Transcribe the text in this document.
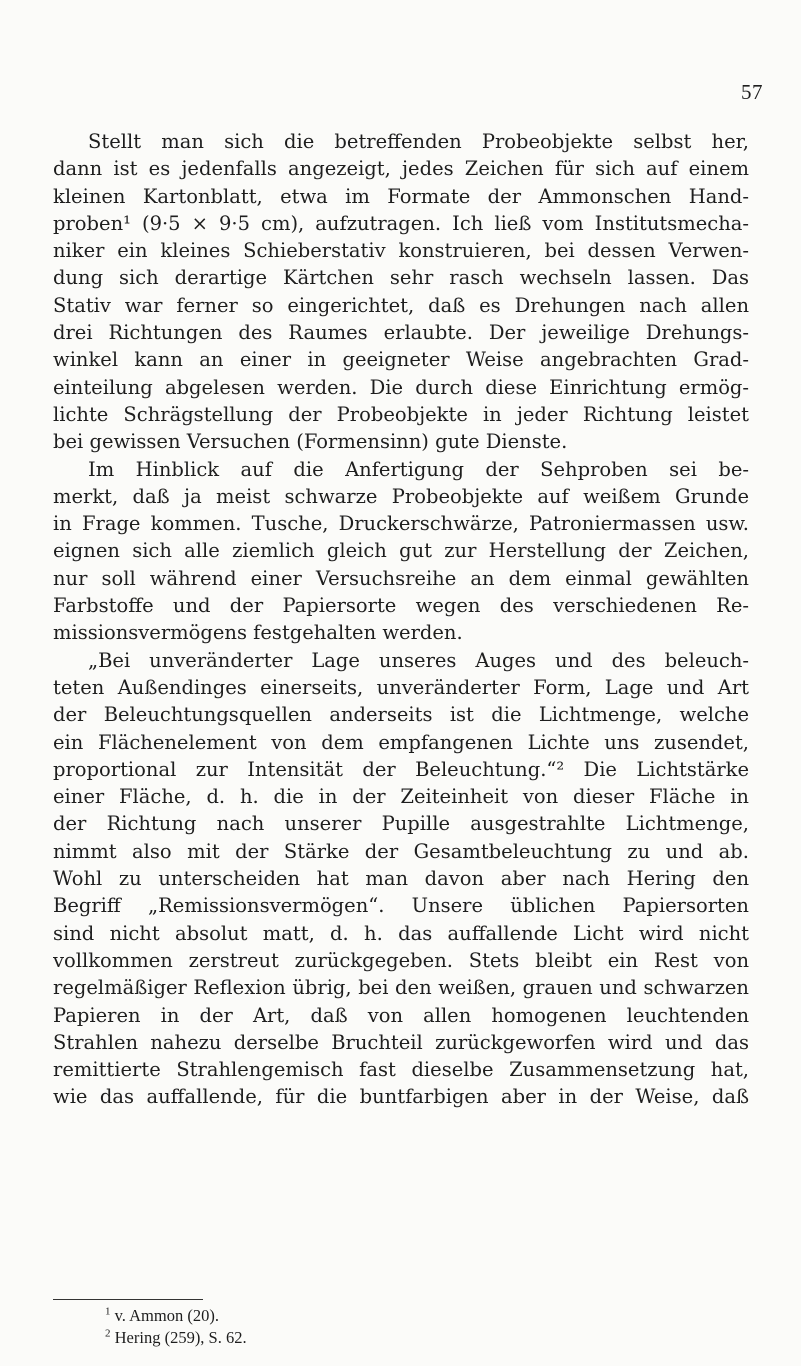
57
Stellt man sich die betreffenden Probeobjekte selbst her,
dann ist es jedenfalls angezeigt, jedes Zeichen für sich auf einem
kleinen Kartonblatt, etwa im Formate der Ammonschen Hand-
proben¹ (9·5 × 9·5 cm), aufzutragen. Ich ließ vom Institutsmecha-
niker ein kleines Schieberstativ konstruieren, bei dessen Verwen-
dung sich derartige Kärtchen sehr rasch wechseln lassen. Das
Stativ war ferner so eingerichtet, daß es Drehungen nach allen
drei Richtungen des Raumes erlaubte. Der jeweilige Drehungs-
winkel kann an einer in geeigneter Weise angebrachten Grad-
einteilung abgelesen werden. Die durch diese Einrichtung ermög-
lichte Schrägstellung der Probeobjekte in jeder Richtung leistet
bei gewissen Versuchen (Formensinn) gute Dienste.
Im Hinblick auf die Anfertigung der Sehproben sei be-
merkt, daß ja meist schwarze Probeobjekte auf weißem Grunde
in Frage kommen. Tusche, Druckerschwärze, Patroniermassen usw.
eignen sich alle ziemlich gleich gut zur Herstellung der Zeichen,
nur soll während einer Versuchsreihe an dem einmal gewählten
Farbstoffe und der Papiersorte wegen des verschiedenen Re-
missionsvermögens festgehalten werden.
„Bei unveränderter Lage unseres Auges und des beleuch-
teten Außendinges einerseits, unveränderter Form, Lage und Art
der Beleuchtungsquellen anderseits ist die Lichtmenge, welche
ein Flächenelement von dem empfangenen Lichte uns zusendet,
proportional zur Intensität der Beleuchtung.“² Die Lichtstärke
einer Fläche, d. h. die in der Zeiteinheit von dieser Fläche in
der Richtung nach unserer Pupille ausgestrahlte Lichtmenge,
nimmt also mit der Stärke der Gesamtbeleuchtung zu und ab.
Wohl zu unterscheiden hat man davon aber nach Hering den
Begriff „Remissionsvermögen“. Unsere üblichen Papiersorten
sind nicht absolut matt, d. h. das auffallende Licht wird nicht
vollkommen zerstreut zurückgegeben. Stets bleibt ein Rest von
regelmäßiger Reflexion übrig, bei den weißen, grauen und schwarzen
Papieren in der Art, daß von allen homogenen leuchtenden
Strahlen nahezu derselbe Bruchteil zurückgeworfen wird und das
remittierte Strahlengemisch fast dieselbe Zusammensetzung hat,
wie das auffallende, für die buntfarbigen aber in der Weise, daß
$^1$ v. Ammon (20).
$^2$ Hering (259), S. 62.
